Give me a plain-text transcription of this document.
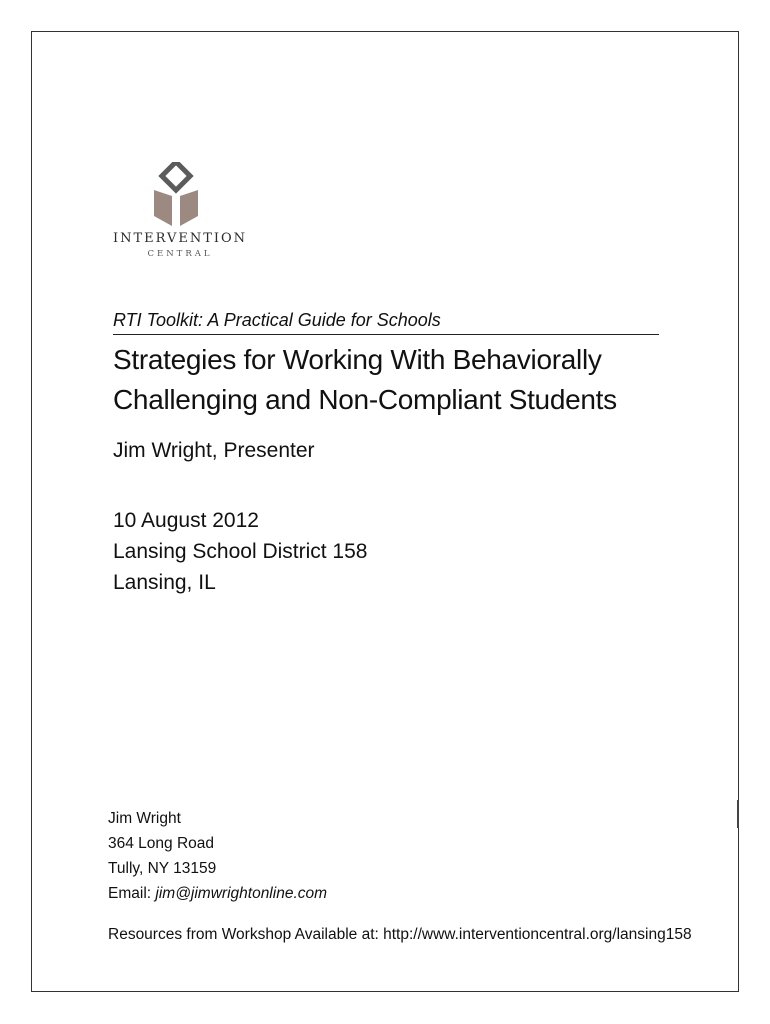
INTERVENTION
CENTRAL
RTI Toolkit: A Practical Guide for Schools
Strategies for Working With Behaviorally
Challenging and Non-Compliant Students
Jim Wright, Presenter
10 August 2012
Lansing School District 158
Lansing, IL
Jim Wright
364 Long Road
Tully, NY 13159
Email: jim@jimwrightonline.com
Resources from Workshop Available at: http://www.interventioncentral.org/lansing158
